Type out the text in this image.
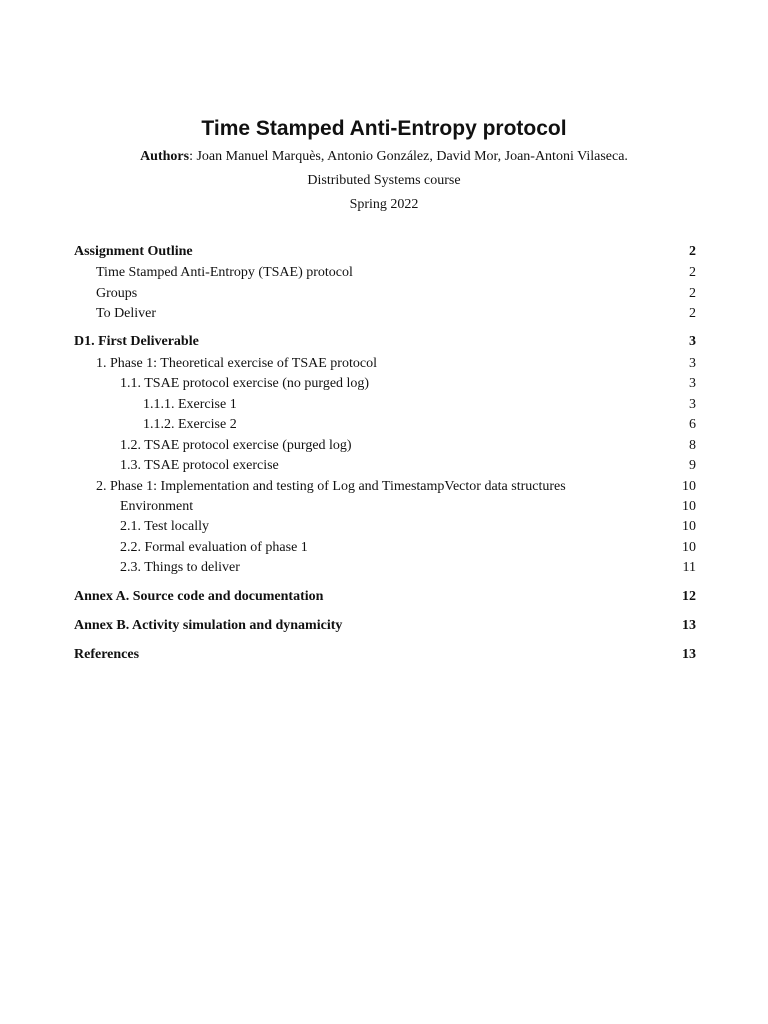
Time Stamped Anti-Entropy protocol
Authors: Joan Manuel Marquès, Antonio González, David Mor, Joan-Antoni Vilaseca.
Distributed Systems course
Spring 2022
Assignment Outline	2
Time Stamped Anti-Entropy (TSAE) protocol	2
Groups	2
To Deliver	2
D1. First Deliverable	3
1. Phase 1: Theoretical exercise of TSAE protocol	3
1.1. TSAE protocol exercise (no purged log)	3
1.1.1. Exercise 1	3
1.1.2. Exercise 2	6
1.2. TSAE protocol exercise (purged log)	8
1.3. TSAE protocol exercise	9
2. Phase 1: Implementation and testing of Log and TimestampVector data structures	10
Environment	10
2.1. Test locally	10
2.2. Formal evaluation of phase 1	10
2.3. Things to deliver	11
Annex A. Source code and documentation	12
Annex B. Activity simulation and dynamicity	13
References	13
